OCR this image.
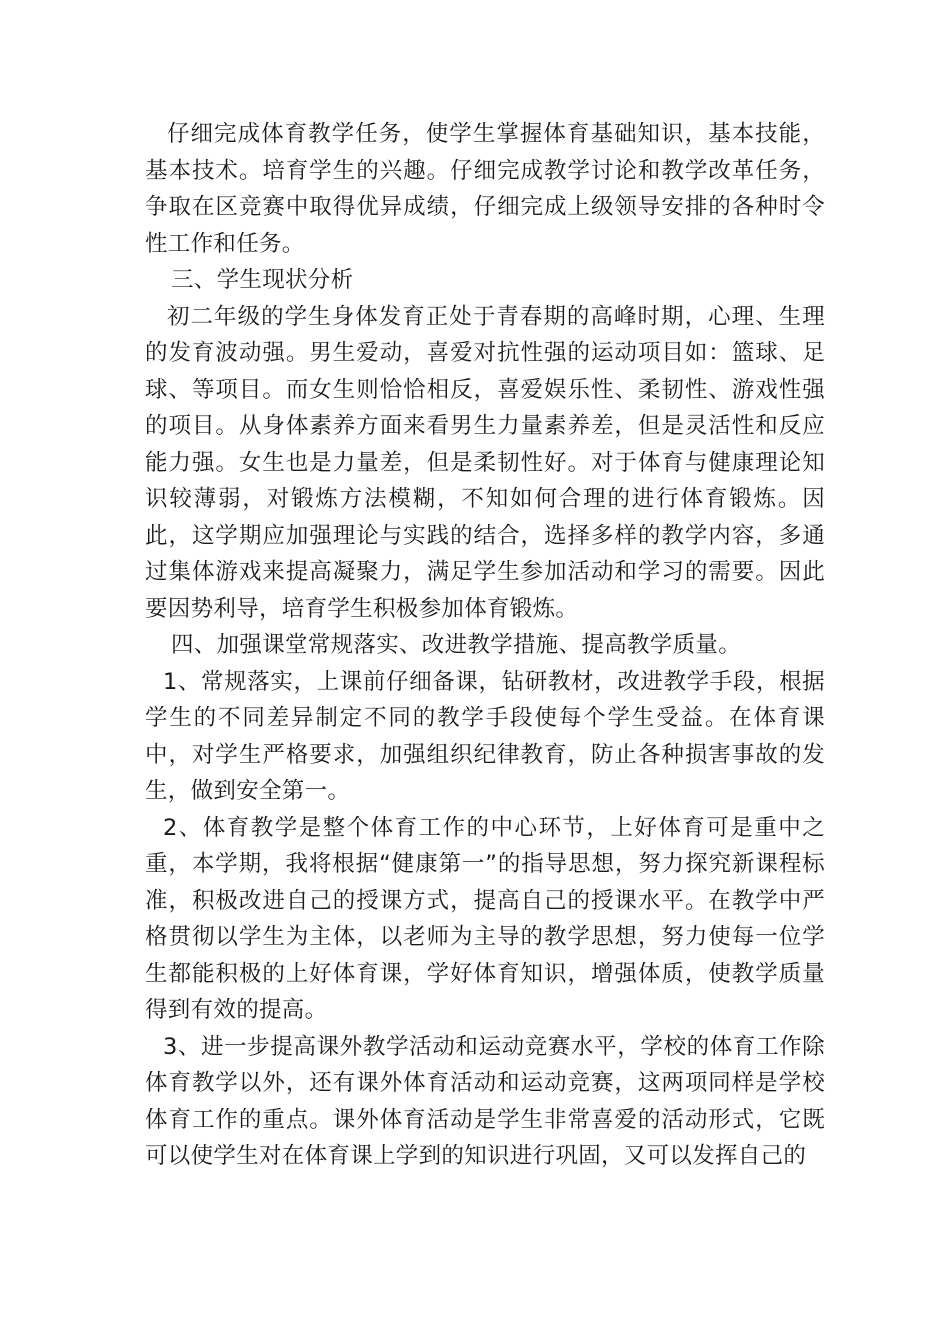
仔细完成体育教学任务，使学生掌握体育基础知识，基本技能，基本技术。培育学生的兴趣。仔细完成教学讨论和教学改革任务，争取在区竞赛中取得优异成绩，仔细完成上级领导安排的各种时令性工作和任务。

三、学生现状分析

初二年级的学生身体发育正处于青春期的高峰时期，心理、生理的发育波动强。男生爱动，喜爱对抗性强的运动项目如：篮球、足球、等项目。而女生则恰恰相反，喜爱娱乐性、柔韧性、游戏性强的项目。从身体素养方面来看男生力量素养差，但是灵活性和反应能力强。女生也是力量差，但是柔韧性好。对于体育与健康理论知识较薄弱，对锻炼方法模糊，不知如何合理的进行体育锻炼。因此，这学期应加强理论与实践的结合，选择多样的教学内容，多通过集体游戏来提高凝聚力，满足学生参加活动和学习的需要。因此要因势利导，培育学生积极参加体育锻炼。

四、加强课堂常规落实、改进教学措施、提高教学质量。

1、常规落实，上课前仔细备课，钻研教材，改进教学手段，根据学生的不同差异制定不同的教学手段使每个学生受益。在体育课中，对学生严格要求，加强组织纪律教育，防止各种损害事故的发生，做到安全第一。

2、体育教学是整个体育工作的中心环节，上好体育可是重中之重，本学期，我将根据“健康第一”的指导思想，努力探究新课程标准，积极改进自己的授课方式，提高自己的授课水平。在教学中严格贯彻以学生为主体，以老师为主导的教学思想，努力使每一位学生都能积极的上好体育课，学好体育知识，增强体质，使教学质量得到有效的提高。

3、进一步提高课外教学活动和运动竞赛水平，学校的体育工作除体育教学以外，还有课外体育活动和运动竞赛，这两项同样是学校体育工作的重点。课外体育活动是学生非常喜爱的活动形式，它既可以使学生对在体育课上学到的知识进行巩固，又可以发挥自己的
